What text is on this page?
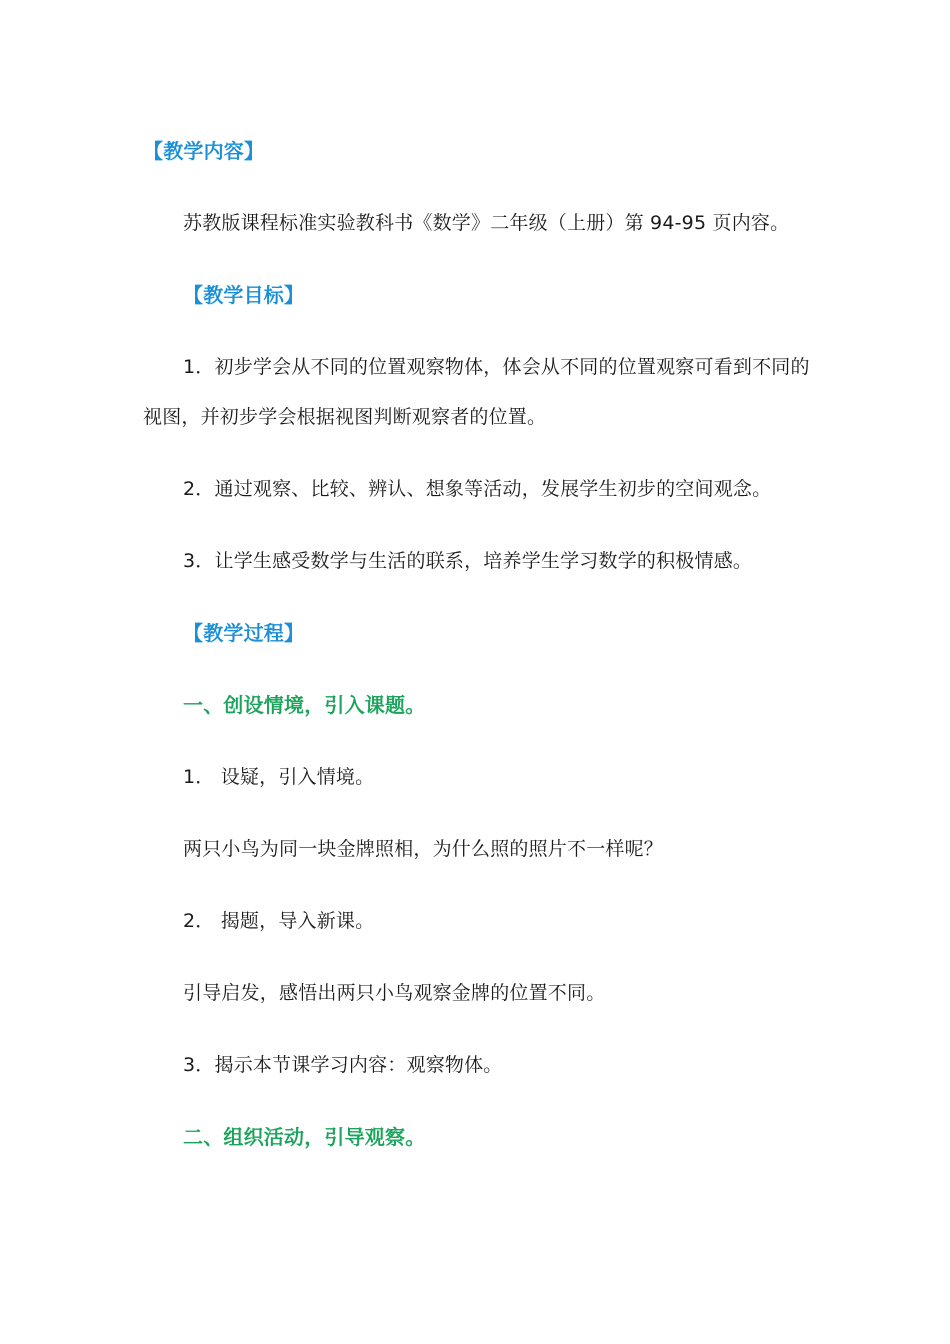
【教学内容】
苏教版课程标准实验教科书《数学》二年级（上册）第 94-95 页内容。
【教学目标】
1．初步学会从不同的位置观察物体，体会从不同的位置观察可看到不同的
视图，并初步学会根据视图判断观察者的位置。
2．通过观察、比较、辨认、想象等活动，发展学生初步的空间观念。
3．让学生感受数学与生活的联系，培养学生学习数学的积极情感。
【教学过程】
一、创设情境，引入课题。
1． 设疑，引入情境。
两只小鸟为同一块金牌照相，为什么照的照片不一样呢？
2． 揭题，导入新课。
引导启发，感悟出两只小鸟观察金牌的位置不同。
3．揭示本节课学习内容：观察物体。
二、组织活动，引导观察。
